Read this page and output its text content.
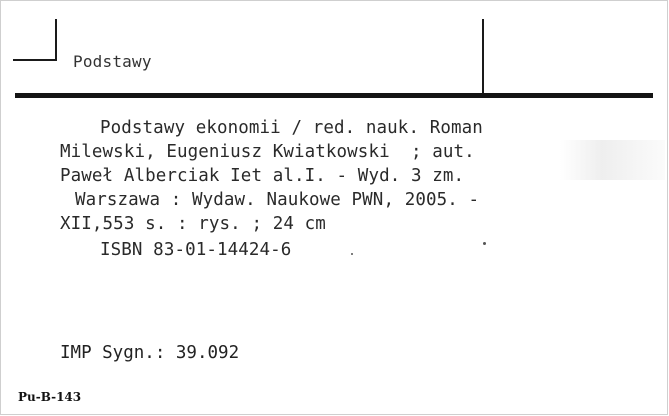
Podstawy
Podstawy ekonomii / red. nauk. Roman
Milewski, Eugeniusz Kwiatkowski  ; aut.
Paweł Alberciak Iet al.I. - Wyd. 3 zm.
Warszawa : Wydaw. Naukowe PWN, 2005. -
XII,553 s. : rys. ; 24 cm
ISBN 83-01-14424-6
IMP Sygn.: 39.092
Pu-B-143
